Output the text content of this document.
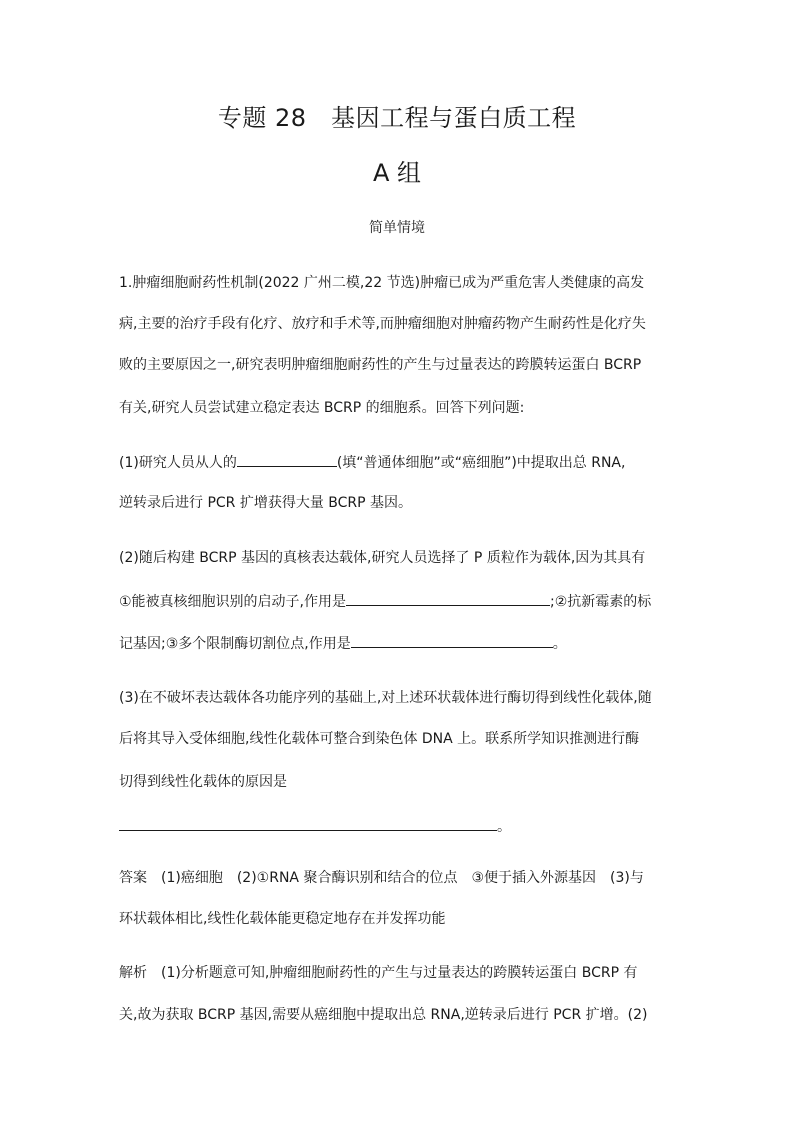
专题 28　基因工程与蛋白质工程
A 组
简单情境
1.肿瘤细胞耐药性机制(2022 广州二模,22 节选)肿瘤已成为严重危害人类健康的高发
病,主要的治疗手段有化疗、放疗和手术等,而肿瘤细胞对肿瘤药物产生耐药性是化疗失
败的主要原因之一,研究表明肿瘤细胞耐药性的产生与过量表达的跨膜转运蛋白 BCRP
有关,研究人员尝试建立稳定表达 BCRP 的细胞系。回答下列问题:
(1)研究人员从人的	(填“普通体细胞”或“癌细胞”)中提取出总 RNA,
逆转录后进行 PCR 扩增获得大量 BCRP 基因。
(2)随后构建 BCRP 基因的真核表达载体,研究人员选择了 P 质粒作为载体,因为其具有
①能被真核细胞识别的启动子,作用是	;②抗新霉素的标
记基因;③多个限制酶切割位点,作用是	。
(3)在不破坏表达载体各功能序列的基础上,对上述环状载体进行酶切得到线性化载体,随
后将其导入受体细胞,线性化载体可整合到染色体 DNA 上。联系所学知识推测进行酶
切得到线性化载体的原因是
。
答案 (1)癌细胞 (2)①RNA 聚合酶识别和结合的位点 ③便于插入外源基因 (3)与
环状载体相比,线性化载体能更稳定地存在并发挥功能
解析 (1)分析题意可知,肿瘤细胞耐药性的产生与过量表达的跨膜转运蛋白 BCRP 有
关,故为获取 BCRP 基因,需要从癌细胞中提取出总 RNA,逆转录后进行 PCR 扩增。(2)
